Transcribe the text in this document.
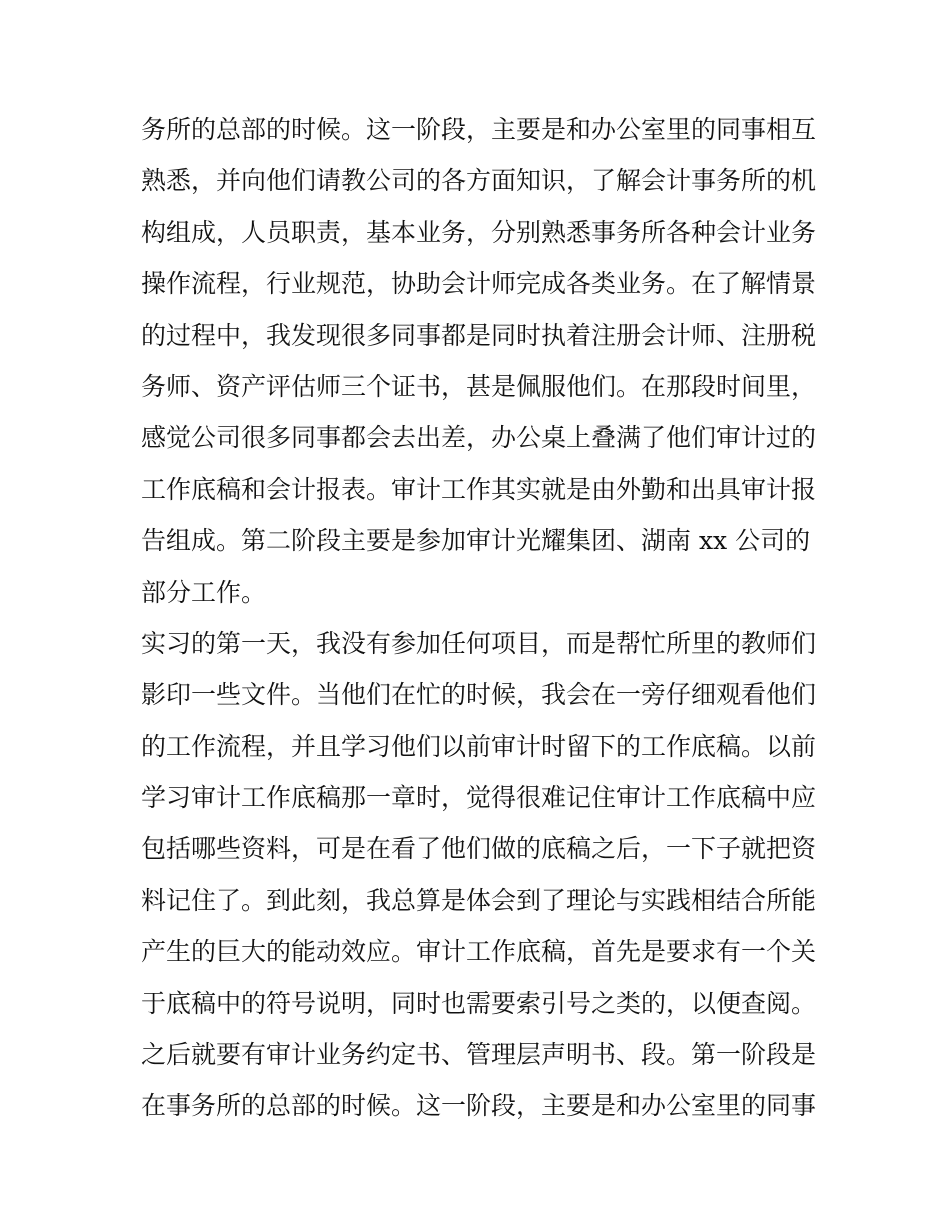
务所的总部的时候。这一阶段，主要是和办公室里的同事相互
熟悉，并向他们请教公司的各方面知识，了解会计事务所的机
构组成，人员职责，基本业务，分别熟悉事务所各种会计业务
操作流程，行业规范，协助会计师完成各类业务。在了解情景
的过程中，我发现很多同事都是同时执着注册会计师、注册税
务师、资产评估师三个证书，甚是佩服他们。在那段时间里，
感觉公司很多同事都会去出差，办公桌上叠满了他们审计过的
工作底稿和会计报表。审计工作其实就是由外勤和出具审计报
告组成。第二阶段主要是参加审计光耀集团、湖南 xx 公司的
部分工作。
实习的第一天，我没有参加任何项目，而是帮忙所里的教师们
影印一些文件。当他们在忙的时候，我会在一旁仔细观看他们
的工作流程，并且学习他们以前审计时留下的工作底稿。以前
学习审计工作底稿那一章时，觉得很难记住审计工作底稿中应
包括哪些资料，可是在看了他们做的底稿之后，一下子就把资
料记住了。到此刻，我总算是体会到了理论与实践相结合所能
产生的巨大的能动效应。审计工作底稿，首先是要求有一个关
于底稿中的符号说明，同时也需要索引号之类的，以便查阅。
之后就要有审计业务约定书、管理层声明书、段。第一阶段是
在事务所的总部的时候。这一阶段，主要是和办公室里的同事
